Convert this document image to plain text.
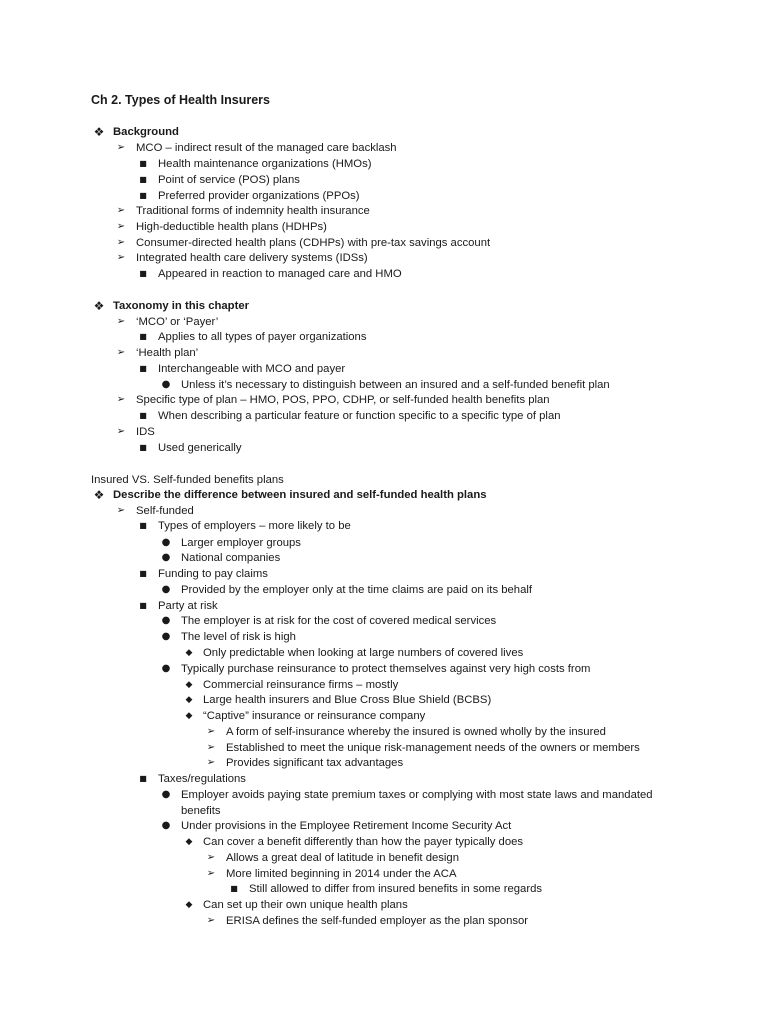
Ch 2. Types of Health Insurers
❖ Background
➢ MCO – indirect result of the managed care backlash
■ Health maintenance organizations (HMOs)
■ Point of service (POS) plans
■ Preferred provider organizations (PPOs)
➢ Traditional forms of indemnity health insurance
➢ High-deductible health plans (HDHPs)
➢ Consumer-directed health plans (CDHPs) with pre-tax savings account
➢ Integrated health care delivery systems (IDSs)
■ Appeared in reaction to managed care and HMO
❖ Taxonomy in this chapter
➢ ‘MCO’ or ‘Payer’
■ Applies to all types of payer organizations
➢ ‘Health plan’
■ Interchangeable with MCO and payer
● Unless it’s necessary to distinguish between an insured and a self-funded benefit plan
➢ Specific type of plan – HMO, POS, PPO, CDHP, or self-funded health benefits plan
■ When describing a particular feature or function specific to a specific type of plan
➢ IDS
■ Used generically
Insured VS. Self-funded benefits plans
❖ Describe the difference between insured and self-funded health plans
➢ Self-funded
■ Types of employers – more likely to be
● Larger employer groups
● National companies
■ Funding to pay claims
● Provided by the employer only at the time claims are paid on its behalf
■ Party at risk
● The employer is at risk for the cost of covered medical services
● The level of risk is high
◆ Only predictable when looking at large numbers of covered lives
● Typically purchase reinsurance to protect themselves against very high costs from
◆ Commercial reinsurance firms – mostly
◆ Large health insurers and Blue Cross Blue Shield (BCBS)
◆ “Captive” insurance or reinsurance company
➢ A form of self-insurance whereby the insured is owned wholly by the insured
➢ Established to meet the unique risk-management needs of the owners or members
➢ Provides significant tax advantages
■ Taxes/regulations
● Employer avoids paying state premium taxes or complying with most state laws and mandated
benefits
● Under provisions in the Employee Retirement Income Security Act
◆ Can cover a benefit differently than how the payer typically does
➢ Allows a great deal of latitude in benefit design
➢ More limited beginning in 2014 under the ACA
■ Still allowed to differ from insured benefits in some regards
◆ Can set up their own unique health plans
➢ ERISA defines the self-funded employer as the plan sponsor
